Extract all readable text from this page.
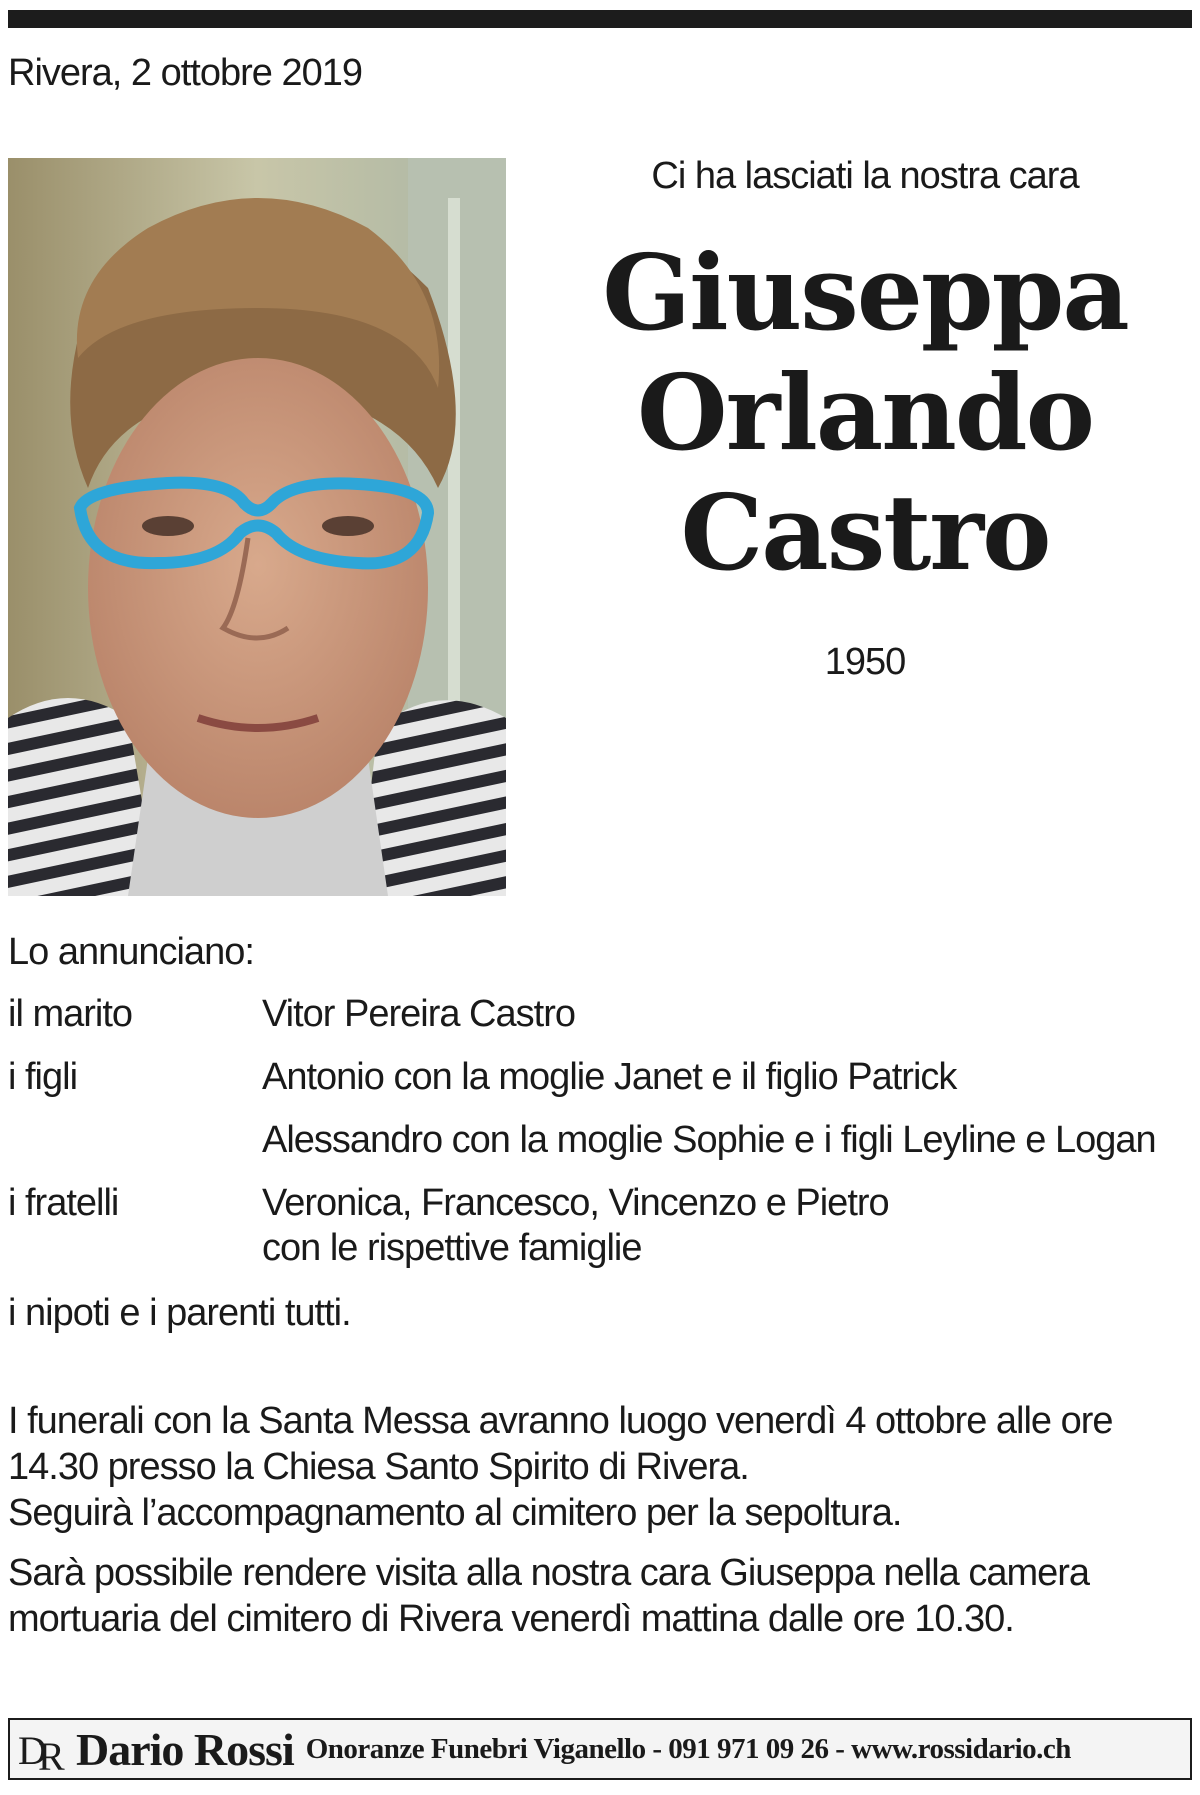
Rivera, 2 ottobre 2019
Ci ha lasciati la nostra cara
Giuseppa
Orlando
Castro
1950
Lo annunciano:
il marito	Vitor Pereira Castro
i figli	Antonio con la moglie Janet e il figlio Patrick
Alessandro con la moglie Sophie e i figli Leyline e Logan
i fratelli	Veronica, Francesco, Vincenzo e Pietro
con le rispettive famiglie
i nipoti e i parenti tutti.

I funerali con la Santa Messa avranno luogo venerdì 4 ottobre alle ore
14.30 presso la Chiesa Santo Spirito di Rivera.
Seguirà l’accompagnamento al cimitero per la sepoltura.

Sarà possibile rendere visita alla nostra cara Giuseppa nella camera
mortuaria del cimitero di Rivera venerdì mattina dalle ore 10.30.

D
R Dario Rossi Onoranze Funebri Viganello - 091 971 09 26 - www.rossidario.ch
